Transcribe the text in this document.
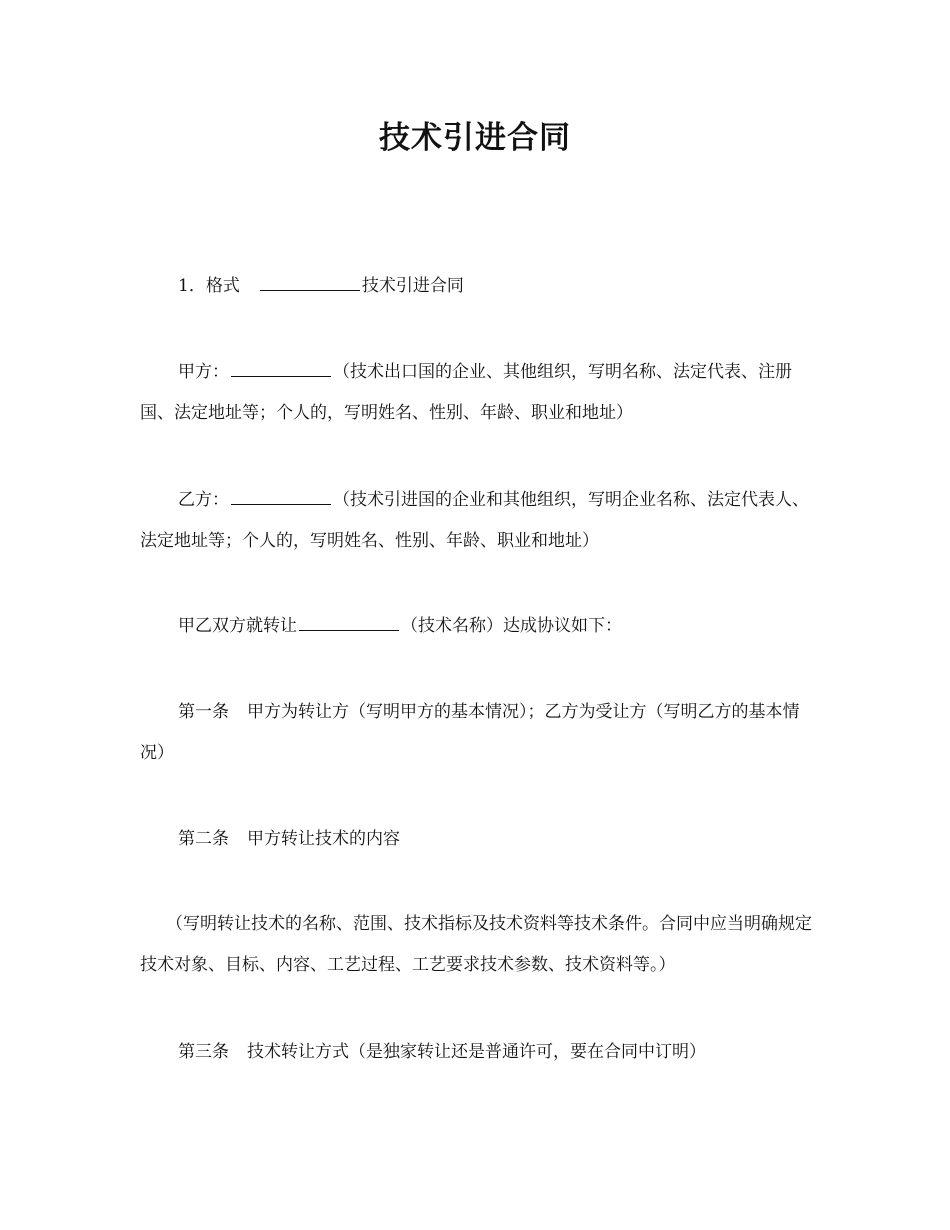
技术引进合同

1．格式	技术引进合同

甲方：	（技术出口国的企业、其他组织，写明名称、法定代表、注册国、法定地址等；个人的，写明姓名、性别、年龄、职业和地址）

乙方：	（技术引进国的企业和其他组织，写明企业名称、法定代表人、法定地址等；个人的，写明姓名、性别、年龄、职业和地址）

甲乙双方就转让	（技术名称）达成协议如下：

第一条 甲方为转让方（写明甲方的基本情况）；乙方为受让方（写明乙方的基本情况）

第二条 甲方转让技术的内容

（写明转让技术的名称、范围、技术指标及技术资料等技术条件。合同中应当明确规定技术对象、目标、内容、工艺过程、工艺要求技术参数、技术资料等。）

第三条 技术转让方式（是独家转让还是普通许可，要在合同中订明）
